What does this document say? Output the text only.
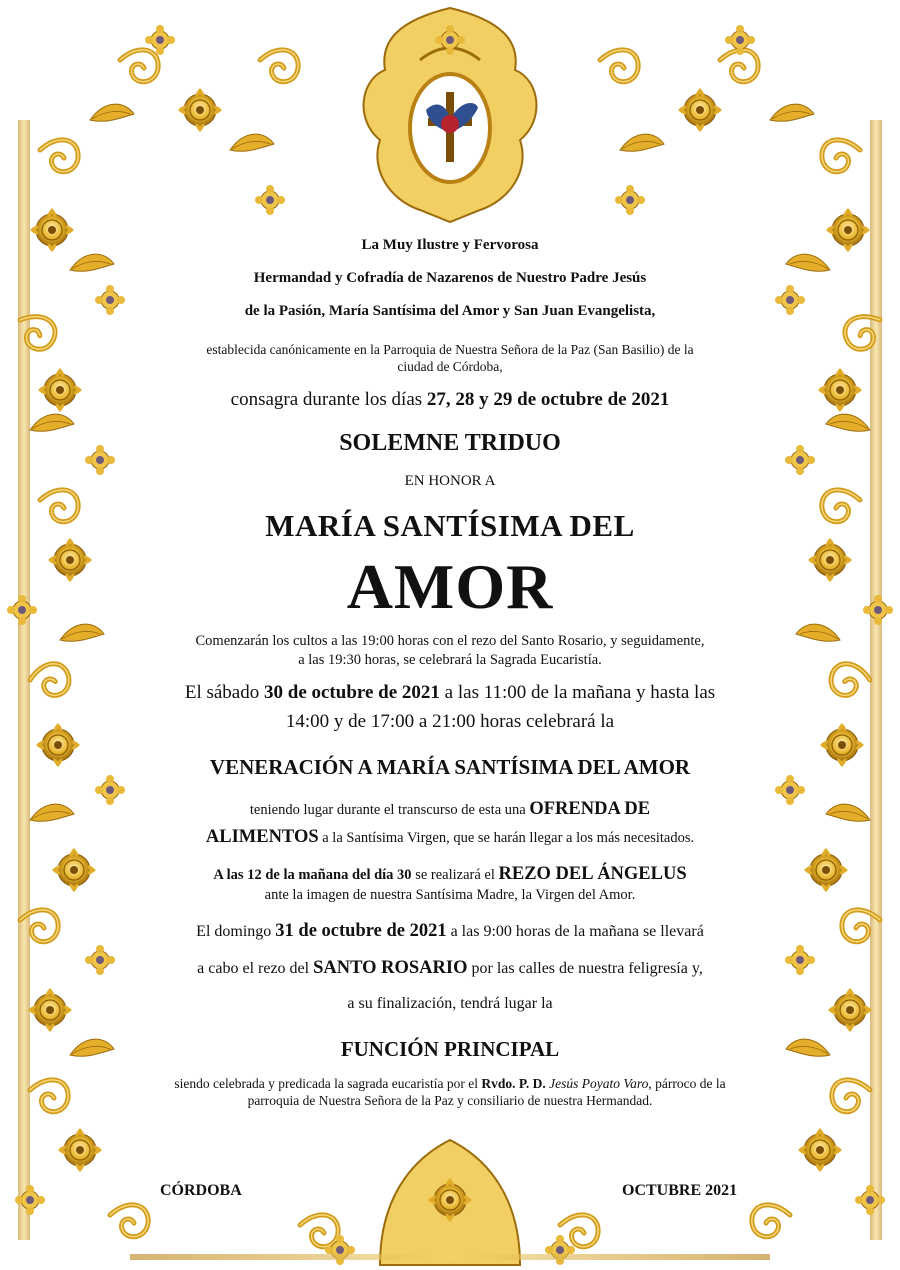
La Muy Ilustre y Fervorosa

Hermandad y Cofradía de Nazarenos de Nuestro Padre Jesús

de la Pasión, María Santísima del Amor y San Juan Evangelista,

establecida canónicamente en la Parroquia de Nuestra Señora de la Paz (San Basilio) de la

ciudad de Córdoba,

consagra durante los días 27, 28 y 29 de octubre de 2021

SOLEMNE TRIDUO

EN HONOR A

MARÍA SANTÍSIMA DEL

AMOR

Comenzarán los cultos a las 19:00 horas con el rezo del Santo Rosario, y seguidamente,

a las 19:30 horas, se celebrará la Sagrada Eucaristía.

El sábado 30 de octubre de 2021 a las 11:00 de la mañana y hasta las

14:00 y de 17:00 a 21:00 horas celebrará la

VENERACIÓN A MARÍA SANTÍSIMA DEL AMOR

teniendo lugar durante el transcurso de esta una OFRENDA DE

ALIMENTOS a la Santísima Virgen, que se harán llegar a los más necesitados.

A las 12 de la mañana del día 30 se realizará el REZO DEL ÁNGELUS

ante la imagen de nuestra Santísima Madre, la Virgen del Amor.

El domingo 31 de octubre de 2021 a las 9:00 horas de la mañana se llevará

a cabo el rezo del SANTO ROSARIO por las calles de nuestra feligresía y,

a su finalización, tendrá lugar la

FUNCIÓN PRINCIPAL

siendo celebrada y predicada la sagrada eucaristía por el Rvdo. P. D. Jesús Poyato Varo, párroco de la

parroquia de Nuestra Señora de la Paz y consiliario de nuestra Hermandad.

CÓRDOBA	OCTUBRE 2021
